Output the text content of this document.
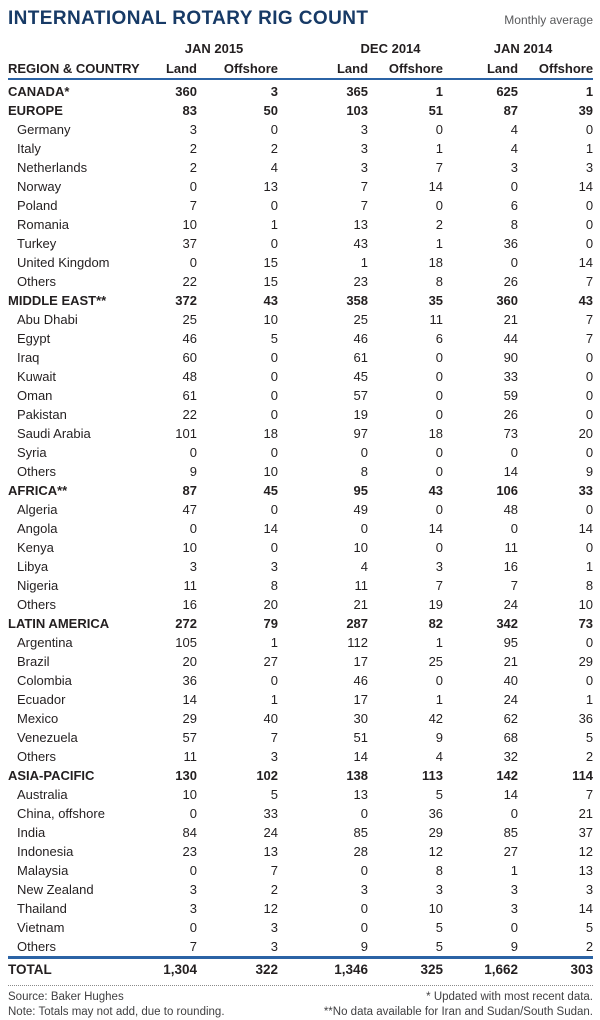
INTERNATIONAL ROTARY RIG COUNT	Monthly average
	JAN 2015		DEC 2014		JAN 2014	
REGION & COUNTRY	Land	Offshore	Land	Offshore	Land	Offshore
CANADA*	360	3	365	1	625	1
EUROPE	83	50	103	51	87	39
Germany	3	0	3	0	4	0
Italy	2	2	3	1	4	1
Netherlands	2	4	3	7	3	3
Norway	0	13	7	14	0	14
Poland	7	0	7	0	6	0
Romania	10	1	13	2	8	0
Turkey	37	0	43	1	36	0
United Kingdom	0	15	1	18	0	14
Others	22	15	23	8	26	7
MIDDLE EAST**	372	43	358	35	360	43
Abu Dhabi	25	10	25	11	21	7
Egypt	46	5	46	6	44	7
Iraq	60	0	61	0	90	0
Kuwait	48	0	45	0	33	0
Oman	61	0	57	0	59	0
Pakistan	22	0	19	0	26	0
Saudi Arabia	101	18	97	18	73	20
Syria	0	0	0	0	0	0
Others	9	10	8	0	14	9
AFRICA**	87	45	95	43	106	33
Algeria	47	0	49	0	48	0
Angola	0	14	0	14	0	14
Kenya	10	0	10	0	11	0
Libya	3	3	4	3	16	1
Nigeria	11	8	11	7	7	8
Others	16	20	21	19	24	10
LATIN AMERICA	272	79	287	82	342	73
Argentina	105	1	112	1	95	0
Brazil	20	27	17	25	21	29
Colombia	36	0	46	0	40	0
Ecuador	14	1	17	1	24	1
Mexico	29	40	30	42	62	36
Venezuela	57	7	51	9	68	5
Others	11	3	14	4	32	2
ASIA-PACIFIC	130	102	138	113	142	114
Australia	10	5	13	5	14	7
China, offshore	0	33	0	36	0	21
India	84	24	85	29	85	37
Indonesia	23	13	28	12	27	12
Malaysia	0	7	0	8	1	13
New Zealand	3	2	3	3	3	3
Thailand	3	12	0	10	3	14
Vietnam	0	3	0	5	0	5
Others	7	3	9	5	9	2
TOTAL	1,304	322	1,346	325	1,662	303
Source: Baker Hughes
Note: Totals may not add, due to rounding.
* Updated with most recent data.
**No data available for Iran and Sudan/South Sudan.
